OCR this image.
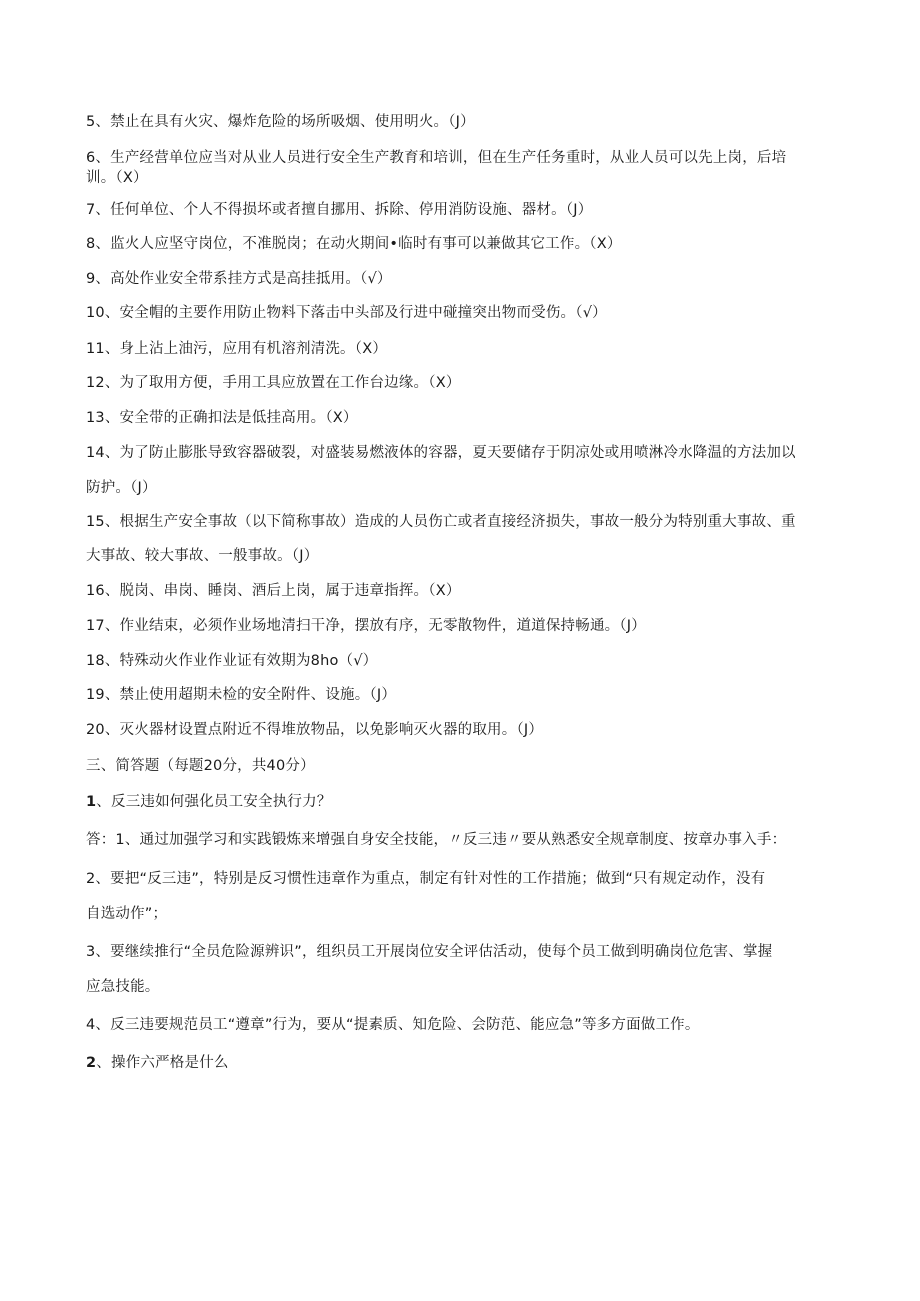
5、禁止在具有火灾、爆炸危险的场所吸烟、使用明火。（J）
6、生产经营单位应当对从业人员进行安全生产教育和培训，但在生产任务重时，从业人员可以先上岗，后培
训。（X）
7、任何单位、个人不得损坏或者擅自挪用、拆除、停用消防设施、器材。（J）
8、监火人应坚守岗位，不准脱岗；在动火期间•临时有事可以兼做其它工作。（X）
9、高处作业安全带系挂方式是高挂抵用。（√）
10、安全帽的主要作用防止物料下落击中头部及行进中碰撞突出物而受伤。（√）
11、身上沾上油污，应用有机溶剂清洗。（X）
12、为了取用方便，手用工具应放置在工作台边缘。（X）
13、安全带的正确扣法是低挂高用。（X）
14、为了防止膨胀导致容器破裂，对盛装易燃液体的容器，夏天要储存于阴凉处或用喷淋冷水降温的方法加以
防护。（J）
15、根据生产安全事故（以下简称事故）造成的人员伤亡或者直接经济损失，事故一般分为特别重大事故、重
大事故、较大事故、一般事故。（J）
16、脱岗、串岗、睡岗、酒后上岗，属于违章指挥。（X）
17、作业结束，必须作业场地清扫干净，摆放有序，无零散物件，道道保持畅通。（J）
18、特殊动火作业作业证有效期为8ho（√）
19、禁止使用超期未检的安全附件、设施。（J）
20、灭火器材设置点附近不得堆放物品，以免影响灭火器的取用。（J）
三、简答题（每题20分，共40分）
1、反三违如何强化员工安全执行力？
答：1、通过加强学习和实践锻炼来增强自身安全技能，〃反三违〃要从熟悉安全规章制度、按章办事入手：
2、要把“反三违”，特别是反习惯性违章作为重点，制定有针对性的工作措施；做到“只有规定动作，没有
自选动作”；
3、要继续推行“全员危险源辨识”，组织员工开展岗位安全评估活动，使每个员工做到明确岗位危害、掌握
应急技能。
4、反三违要规范员工“遵章”行为，要从“提素质、知危险、会防范、能应急”等多方面做工作。
2、操作六严格是什么
